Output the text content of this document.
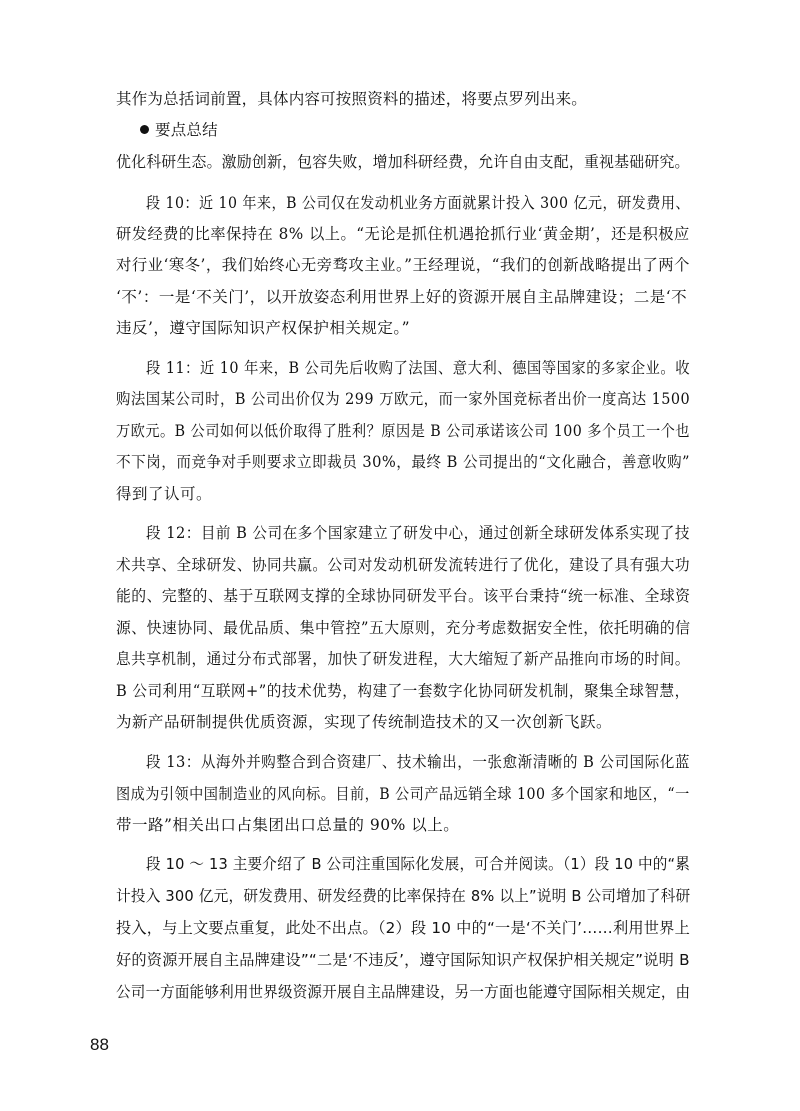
其作为总括词前置，具体内容可按照资料的描述，将要点罗列出来。
要点总结
优化科研生态。激励创新，包容失败，增加科研经费，允许自由支配，重视基础研究。
段 10：近 10 年来，B 公司仅在发动机业务方面就累计投入 300 亿元，研发费用、
研发经费的比率保持在 8% 以上。“无论是抓住机遇抢抓行业‘黄金期’，还是积极应
对行业‘寒冬’，我们始终心无旁骛攻主业。”王经理说，“我们的创新战略提出了两个
‘不’：一是‘不关门’，以开放姿态利用世界上好的资源开展自主品牌建设；二是‘不
违反’，遵守国际知识产权保护相关规定。”
段 11：近 10 年来，B 公司先后收购了法国、意大利、德国等国家的多家企业。收
购法国某公司时，B 公司出价仅为 299 万欧元，而一家外国竞标者出价一度高达 1500
万欧元。B 公司如何以低价取得了胜利？原因是 B 公司承诺该公司 100 多个员工一个也
不下岗，而竞争对手则要求立即裁员 30%，最终 B 公司提出的“文化融合，善意收购”
得到了认可。
段 12：目前 B 公司在多个国家建立了研发中心，通过创新全球研发体系实现了技
术共享、全球研发、协同共赢。公司对发动机研发流转进行了优化，建设了具有强大功
能的、完整的、基于互联网支撑的全球协同研发平台。该平台秉持“统一标准、全球资
源、快速协同、最优品质、集中管控”五大原则，充分考虑数据安全性，依托明确的信
息共享机制，通过分布式部署，加快了研发进程，大大缩短了新产品推向市场的时间。
B 公司利用“互联网+”的技术优势，构建了一套数字化协同研发机制，聚集全球智慧，
为新产品研制提供优质资源，实现了传统制造技术的又一次创新飞跃。
段 13：从海外并购整合到合资建厂、技术输出，一张愈渐清晰的 B 公司国际化蓝
图成为引领中国制造业的风向标。目前，B 公司产品远销全球 100 多个国家和地区，“一
带一路”相关出口占集团出口总量的 90% 以上。
段 10 ～ 13 主要介绍了 B 公司注重国际化发展，可合并阅读。（1）段 10 中的“累
计投入 300 亿元，研发费用、研发经费的比率保持在 8% 以上”说明 B 公司增加了科研
投入，与上文要点重复，此处不出点。（2）段 10 中的“一是‘不关门’……利用世界上
好的资源开展自主品牌建设”“二是‘不违反’，遵守国际知识产权保护相关规定”说明 B
公司一方面能够利用世界级资源开展自主品牌建设，另一方面也能遵守国际相关规定，由
88
